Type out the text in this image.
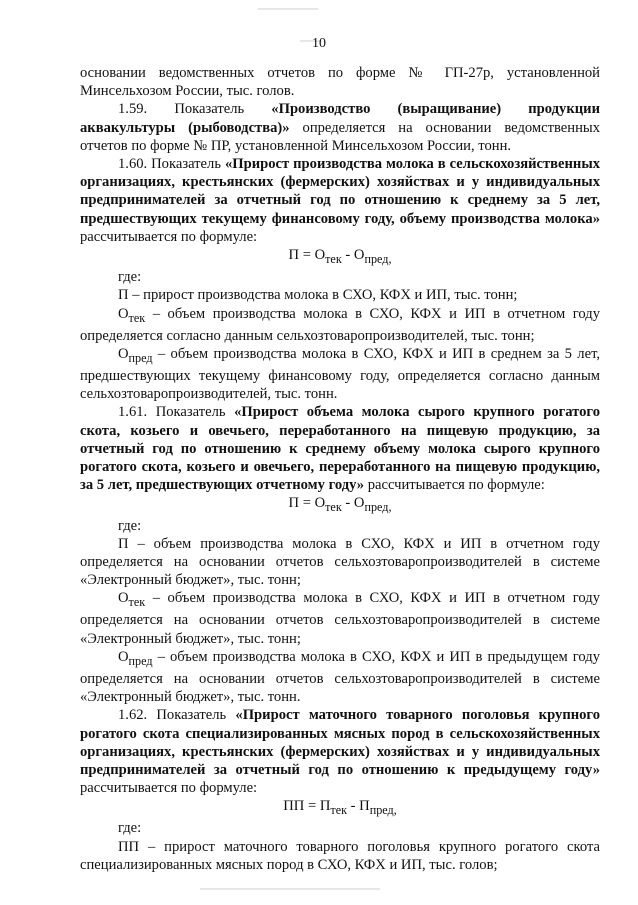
10

основании ведомственных отчетов по форме № ГП-27р, установленной Минсельхозом России, тыс. голов.

1.59. Показатель «Производство (выращивание) продукции аквакультуры (рыбоводства)» определяется на основании ведомственных отчетов по форме № ПР, установленной Минсельхозом России, тонн.

1.60. Показатель «Прирост производства молока в сельскохозяйственных организациях, крестьянских (фермерских) хозяйствах и у индивидуальных предпринимателей за отчетный год по отношению к среднему за 5 лет, предшествующих текущему финансовому году, объему производства молока» рассчитывается по формуле:

$П = О_{тек} - О_{пред,}$

где:

П – прирост производства молока в СХО, КФХ и ИП, тыс. тонн;

$О_{тек}$ – объем производства молока в СХО, КФХ и ИП в отчетном году определяется согласно данным сельхозтоваропроизводителей, тыс. тонн;

$О_{пред}$ – объем производства молока в СХО, КФХ и ИП в среднем за 5 лет, предшествующих текущему финансовому году, определяется согласно данным сельхозтоваропроизводителей, тыс. тонн.

1.61. Показатель «Прирост объема молока сырого крупного рогатого скота, козьего и овечьего, переработанного на пищевую продукцию, за отчетный год по отношению к среднему объему молока сырого крупного рогатого скота, козьего и овечьего, переработанного на пищевую продукцию, за 5 лет, предшествующих отчетному году» рассчитывается по формуле:

$П = О_{тек} - О_{пред,}$

где:

П – объем производства молока в СХО, КФХ и ИП в отчетном году определяется на основании отчетов сельхозтоваропроизводителей в системе «Электронный бюджет», тыс. тонн;

$О_{тек}$ – объем производства молока в СХО, КФХ и ИП в отчетном году определяется на основании отчетов сельхозтоваропроизводителей в системе «Электронный бюджет», тыс. тонн;

$О_{пред}$ – объем производства молока в СХО, КФХ и ИП в предыдущем году определяется на основании отчетов сельхозтоваропроизводителей в системе «Электронный бюджет», тыс. тонн.

1.62. Показатель «Прирост маточного товарного поголовья крупного рогатого скота специализированных мясных пород в сельскохозяйственных организациях, крестьянских (фермерских) хозяйствах и у индивидуальных предпринимателей за отчетный год по отношению к предыдущему году» рассчитывается по формуле:

ПП = $П_{тек} - П_{пред,}$

где:

ПП – прирост маточного товарного поголовья крупного рогатого скота специализированных мясных пород в СХО, КФХ и ИП, тыс. голов;
